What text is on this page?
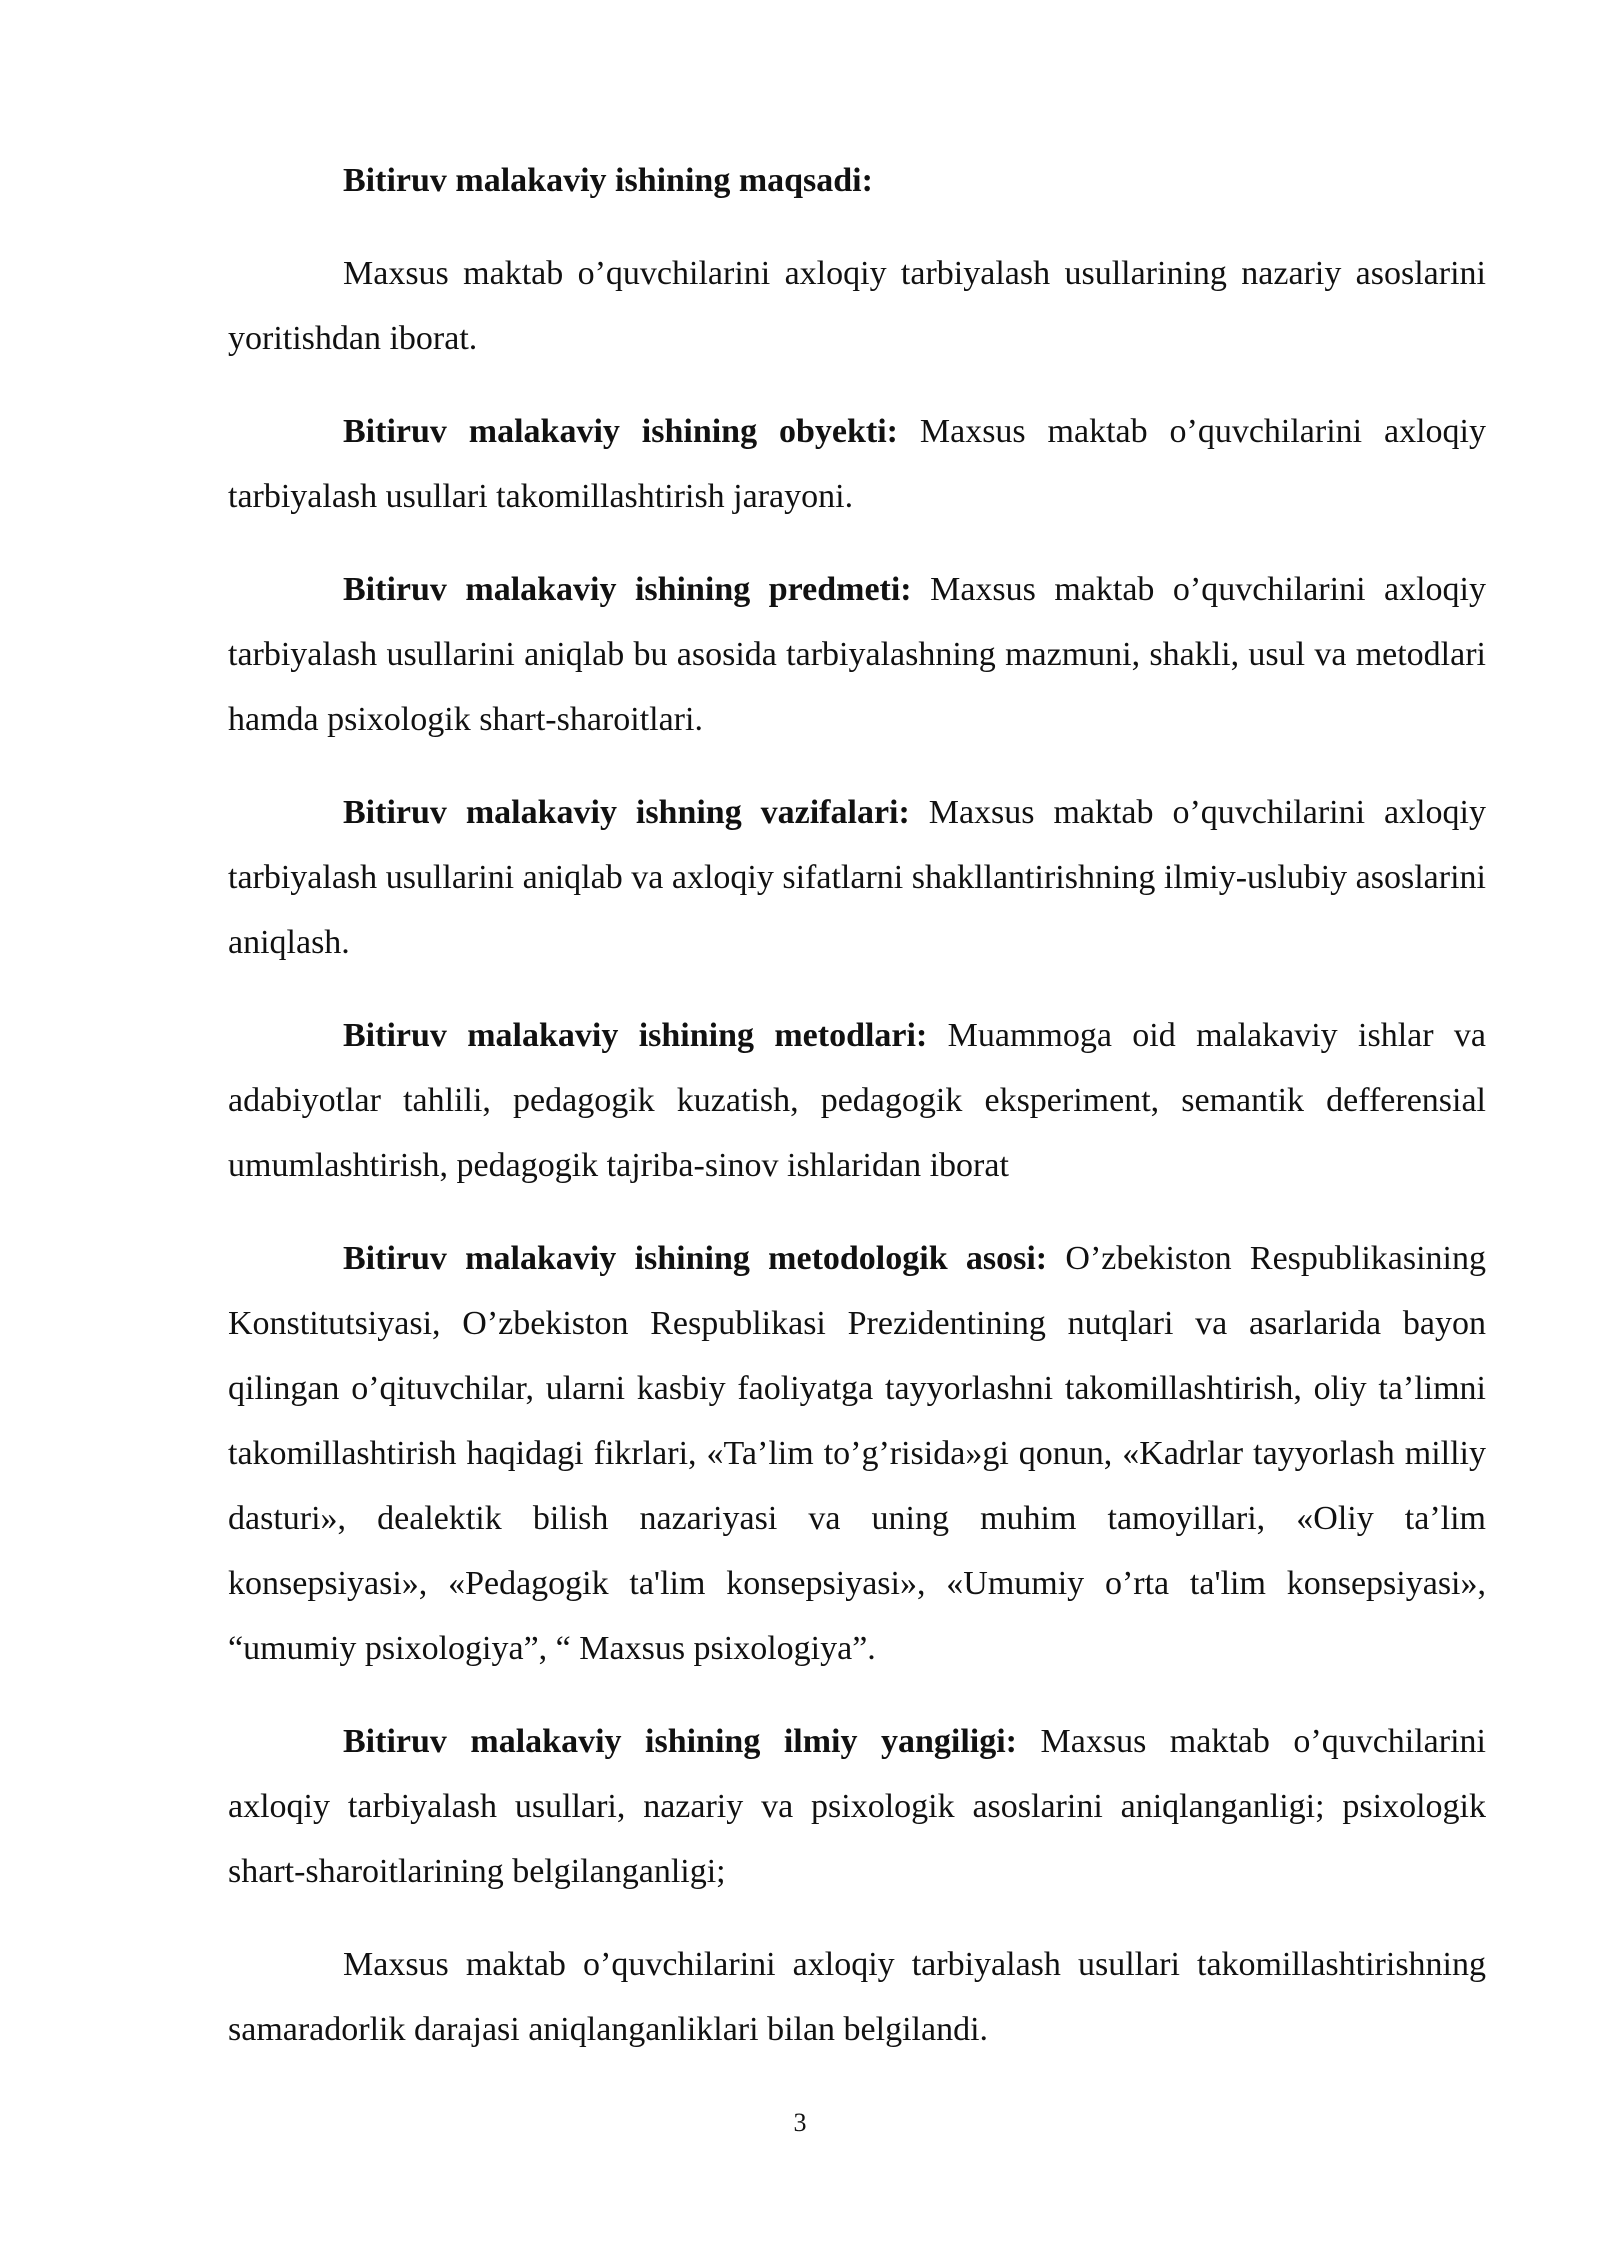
Bitiruv malakaviy ishining maqsadi:

Maxsus maktab o’quvchilarini axloqiy tarbiyalash usullarining nazariy asoslarini yoritishdan iborat.

Bitiruv malakaviy ishining obyekti: Maxsus maktab o’quvchilarini axloqiy tarbiyalash usullari takomillashtirish jarayoni.

Bitiruv malakaviy ishining predmeti: Maxsus maktab o’quvchilarini axloqiy tarbiyalash usullarini aniqlab bu asosida tarbiyalashning mazmuni, shakli, usul va metodlari hamda psixologik shart-sharoitlari.

Bitiruv malakaviy ishning vazifalari: Maxsus maktab o’quvchilarini axloqiy tarbiyalash usullarini aniqlab va axloqiy sifatlarni shakllantirishning ilmiy-uslubiy asoslarini aniqlash.

Bitiruv malakaviy ishining metodlari: Muammoga oid malakaviy ishlar va adabiyotlar tahlili, pedagogik kuzatish, pedagogik eksperiment, semantik defferensial umumlashtirish, pedagogik tajriba-sinov ishlaridan iborat

Bitiruv malakaviy ishining metodologik asosi: O’zbekiston Respublikasining Konstitutsiyasi, O’zbekiston Respublikasi Prezidentining nutqlari va asarlarida bayon qilingan o’qituvchilar, ularni kasbiy faoliyatga tayyorlashni takomillashtirish, oliy ta’limni takomillashtirish haqidagi fikrlari, «Ta’lim to’g’risida»gi qonun, «Kadrlar tayyorlash milliy dasturi», dealektik bilish nazariyasi va uning muhim tamoyillari, «Oliy ta’lim konsepsiyasi», «Pedagogik ta'lim konsepsiyasi», «Umumiy o’rta ta'lim konsepsiyasi», “umumiy psixologiya”, “ Maxsus psixologiya”.

Bitiruv malakaviy ishining ilmiy yangiligi: Maxsus maktab o’quvchilarini axloqiy tarbiyalash usullari, nazariy va psixologik asoslarini aniqlanganligi; psixologik shart-sharoitlarining belgilanganligi;

Maxsus maktab o’quvchilarini axloqiy tarbiyalash usullari takomillashtirishning samaradorlik darajasi aniqlanganliklari bilan belgilandi.

3
